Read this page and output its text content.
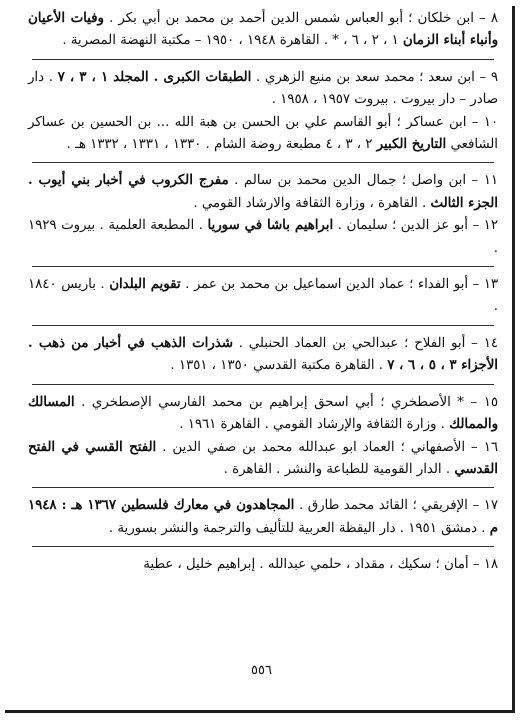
٨ – ابن خلكان ؛ أبو العباس شمس الدين أحمد بن محمد بن أبي بكر . وفيات الأعيان وأنباء أبناء الزمان ١ ، ٢ ، ٦ ، * . القاهرة ١٩٤٨ ، ١٩٥٠ – مكتبة النهضة المصرية .

٩ – ابن سعد ؛ محمد سعد بن منيع الزهري . الطبقات الكبرى . المجلد ١ ، ٣ ، ٧ . دار صادر – دار بيروت . بيروت ١٩٥٧ ، ١٩٥٨ .

١٠ – ابن عساكر ؛ أبو القاسم علي بن الحسن بن هبة الله ... بن الحسين بن عساكر الشافعي التاريخ الكبير ٢ ، ٣ ، ٤ مطبعة روضة الشام . ١٣٣٠ ، ١٣٣١ ، ١٣٣٢ هـ .

١١ – ابن واصل ؛ جمال الدين محمد بن سالم . مفرج الكروب في أخبار بني أيوب . الجزء الثالث . القاهرة ، وزارة الثقافة والارشاد القومي .

١٢ – أبو عز الدين ؛ سليمان . ابراهيم باشا في سوريا . المطبعة العلمية . بيروت ١٩٢٩ .

١٣ – أبو الفداء ؛ عماد الدين اسماعيل بن محمد بن عمر . تقويم البلدان . باريس ١٨٤٠ .

١٤ – أبو الفلاح ؛ عبدالحي بن العماد الحنبلي . شذرات الذهب في أخبار من ذهب . الأجزاء ٣ ، ٥ ، ٦ ، ٧ . القاهرة مكتبة القدسي ١٣٥٠ ، ١٣٥١ .

١٥ – * الأصطخري ؛ أبي اسحق إبراهيم بن محمد الفارسي الإصطخري . المسالك والممالك . وزارة الثقافة والإرشاد القومي . القاهرة ١٩٦١ .

١٦ – الأصفهاني ؛ العماد ابو عبدالله محمد بن صفي الدين . الفتح القسي في الفتح القدسي . الدار القومية للطباعة والنشر . القاهرة .

١٧ – الإفريقي ؛ القائد محمد طارق . المجاهدون في معارك فلسطين ١٣٦٧ هـ : ١٩٤٨ م . دمشق ١٩٥١ . دار اليقظة العربية للتأليف والترجمة والنشر بسورية .

١٨ – أمان ؛ سكيك ، مقداد ، حلمي عبدالله . إبراهيم خليل ، عطية

٥٥٦
